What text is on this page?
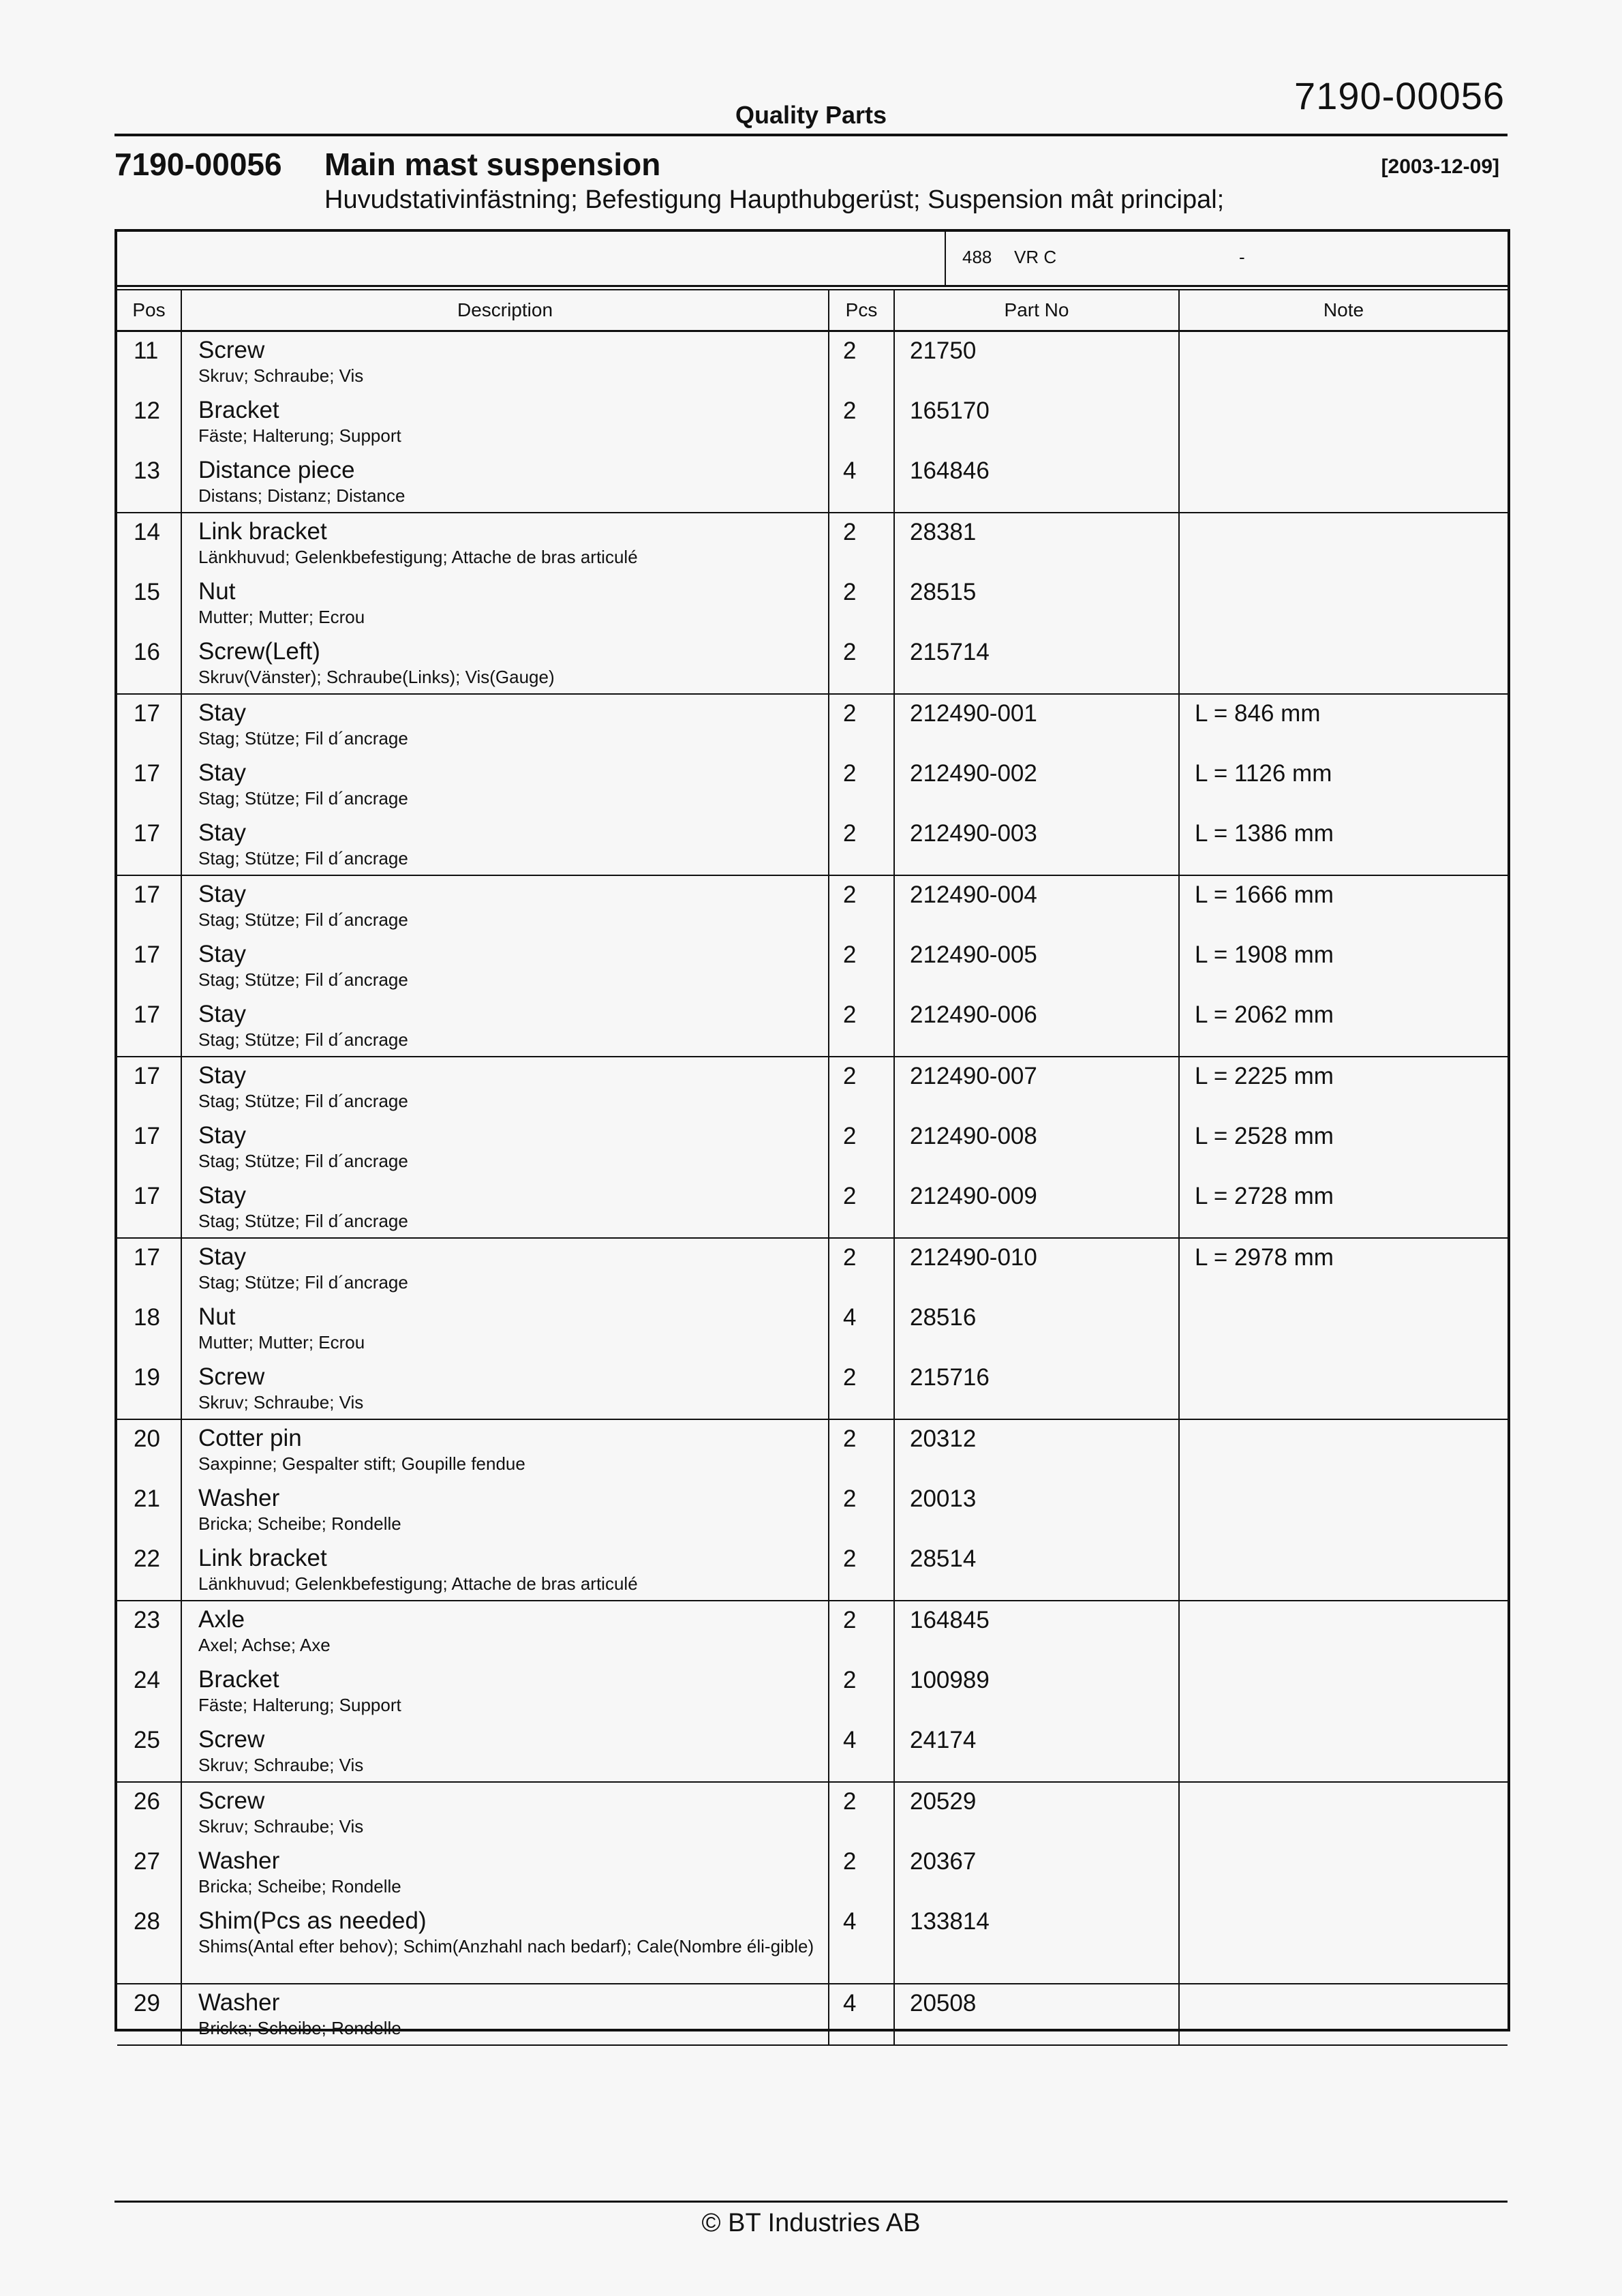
7190-00056
Quality Parts
7190-00056 Main mast suspension	[2003-12-09]
Huvudstativinfästning; Befestigung Haupthubgerüst; Suspension mât principal;
488 VR C	-
Pos	Description	Pcs	Part No	Note

11	Screw
Skruv; Schraube; Vis	2	21750	

12	Bracket
Fäste; Halterung; Support	2	165170	

13	Distance piece
Distans; Distanz; Distance	4	164846	

14	Link bracket
Länkhuvud; Gelenkbefestigung; Attache de bras articulé	2	28381	

15	Nut
Mutter; Mutter; Ecrou	2	28515	

16	Screw(Left)
Skruv(Vänster); Schraube(Links); Vis(Gauge)	2	215714	

17	Stay
Stag; Stütze; Fil d´ancrage	2	212490-001	L = 846 mm

17	Stay
Stag; Stütze; Fil d´ancrage	2	212490-002	L = 1126 mm

17	Stay
Stag; Stütze; Fil d´ancrage	2	212490-003	L = 1386 mm

17	Stay
Stag; Stütze; Fil d´ancrage	2	212490-004	L = 1666 mm

17	Stay
Stag; Stütze; Fil d´ancrage	2	212490-005	L = 1908 mm

17	Stay
Stag; Stütze; Fil d´ancrage	2	212490-006	L = 2062 mm

17	Stay
Stag; Stütze; Fil d´ancrage	2	212490-007	L = 2225 mm

17	Stay
Stag; Stütze; Fil d´ancrage	2	212490-008	L = 2528 mm

17	Stay
Stag; Stütze; Fil d´ancrage	2	212490-009	L = 2728 mm

17	Stay
Stag; Stütze; Fil d´ancrage	2	212490-010	L = 2978 mm

18	Nut
Mutter; Mutter; Ecrou	4	28516	

19	Screw
Skruv; Schraube; Vis	2	215716	

20	Cotter pin
Saxpinne; Gespalter stift; Goupille fendue	2	20312	

21	Washer
Bricka; Scheibe; Rondelle	2	20013	

22	Link bracket
Länkhuvud; Gelenkbefestigung; Attache de bras articulé	2	28514	

23	Axle
Axel; Achse; Axe	2	164845	

24	Bracket
Fäste; Halterung; Support	2	100989	

25	Screw
Skruv; Schraube; Vis	4	24174	

26	Screw
Skruv; Schraube; Vis	2	20529	

27	Washer
Bricka; Scheibe; Rondelle	2	20367	

28	Shim(Pcs as needed)
Shims(Antal efter behov); Schim(Anzhahl nach bedarf); Cale(Nombre éli-gible)	4	133814	

29	Washer
Bricka; Scheibe; Rondelle	4	20508	

© BT Industries AB
